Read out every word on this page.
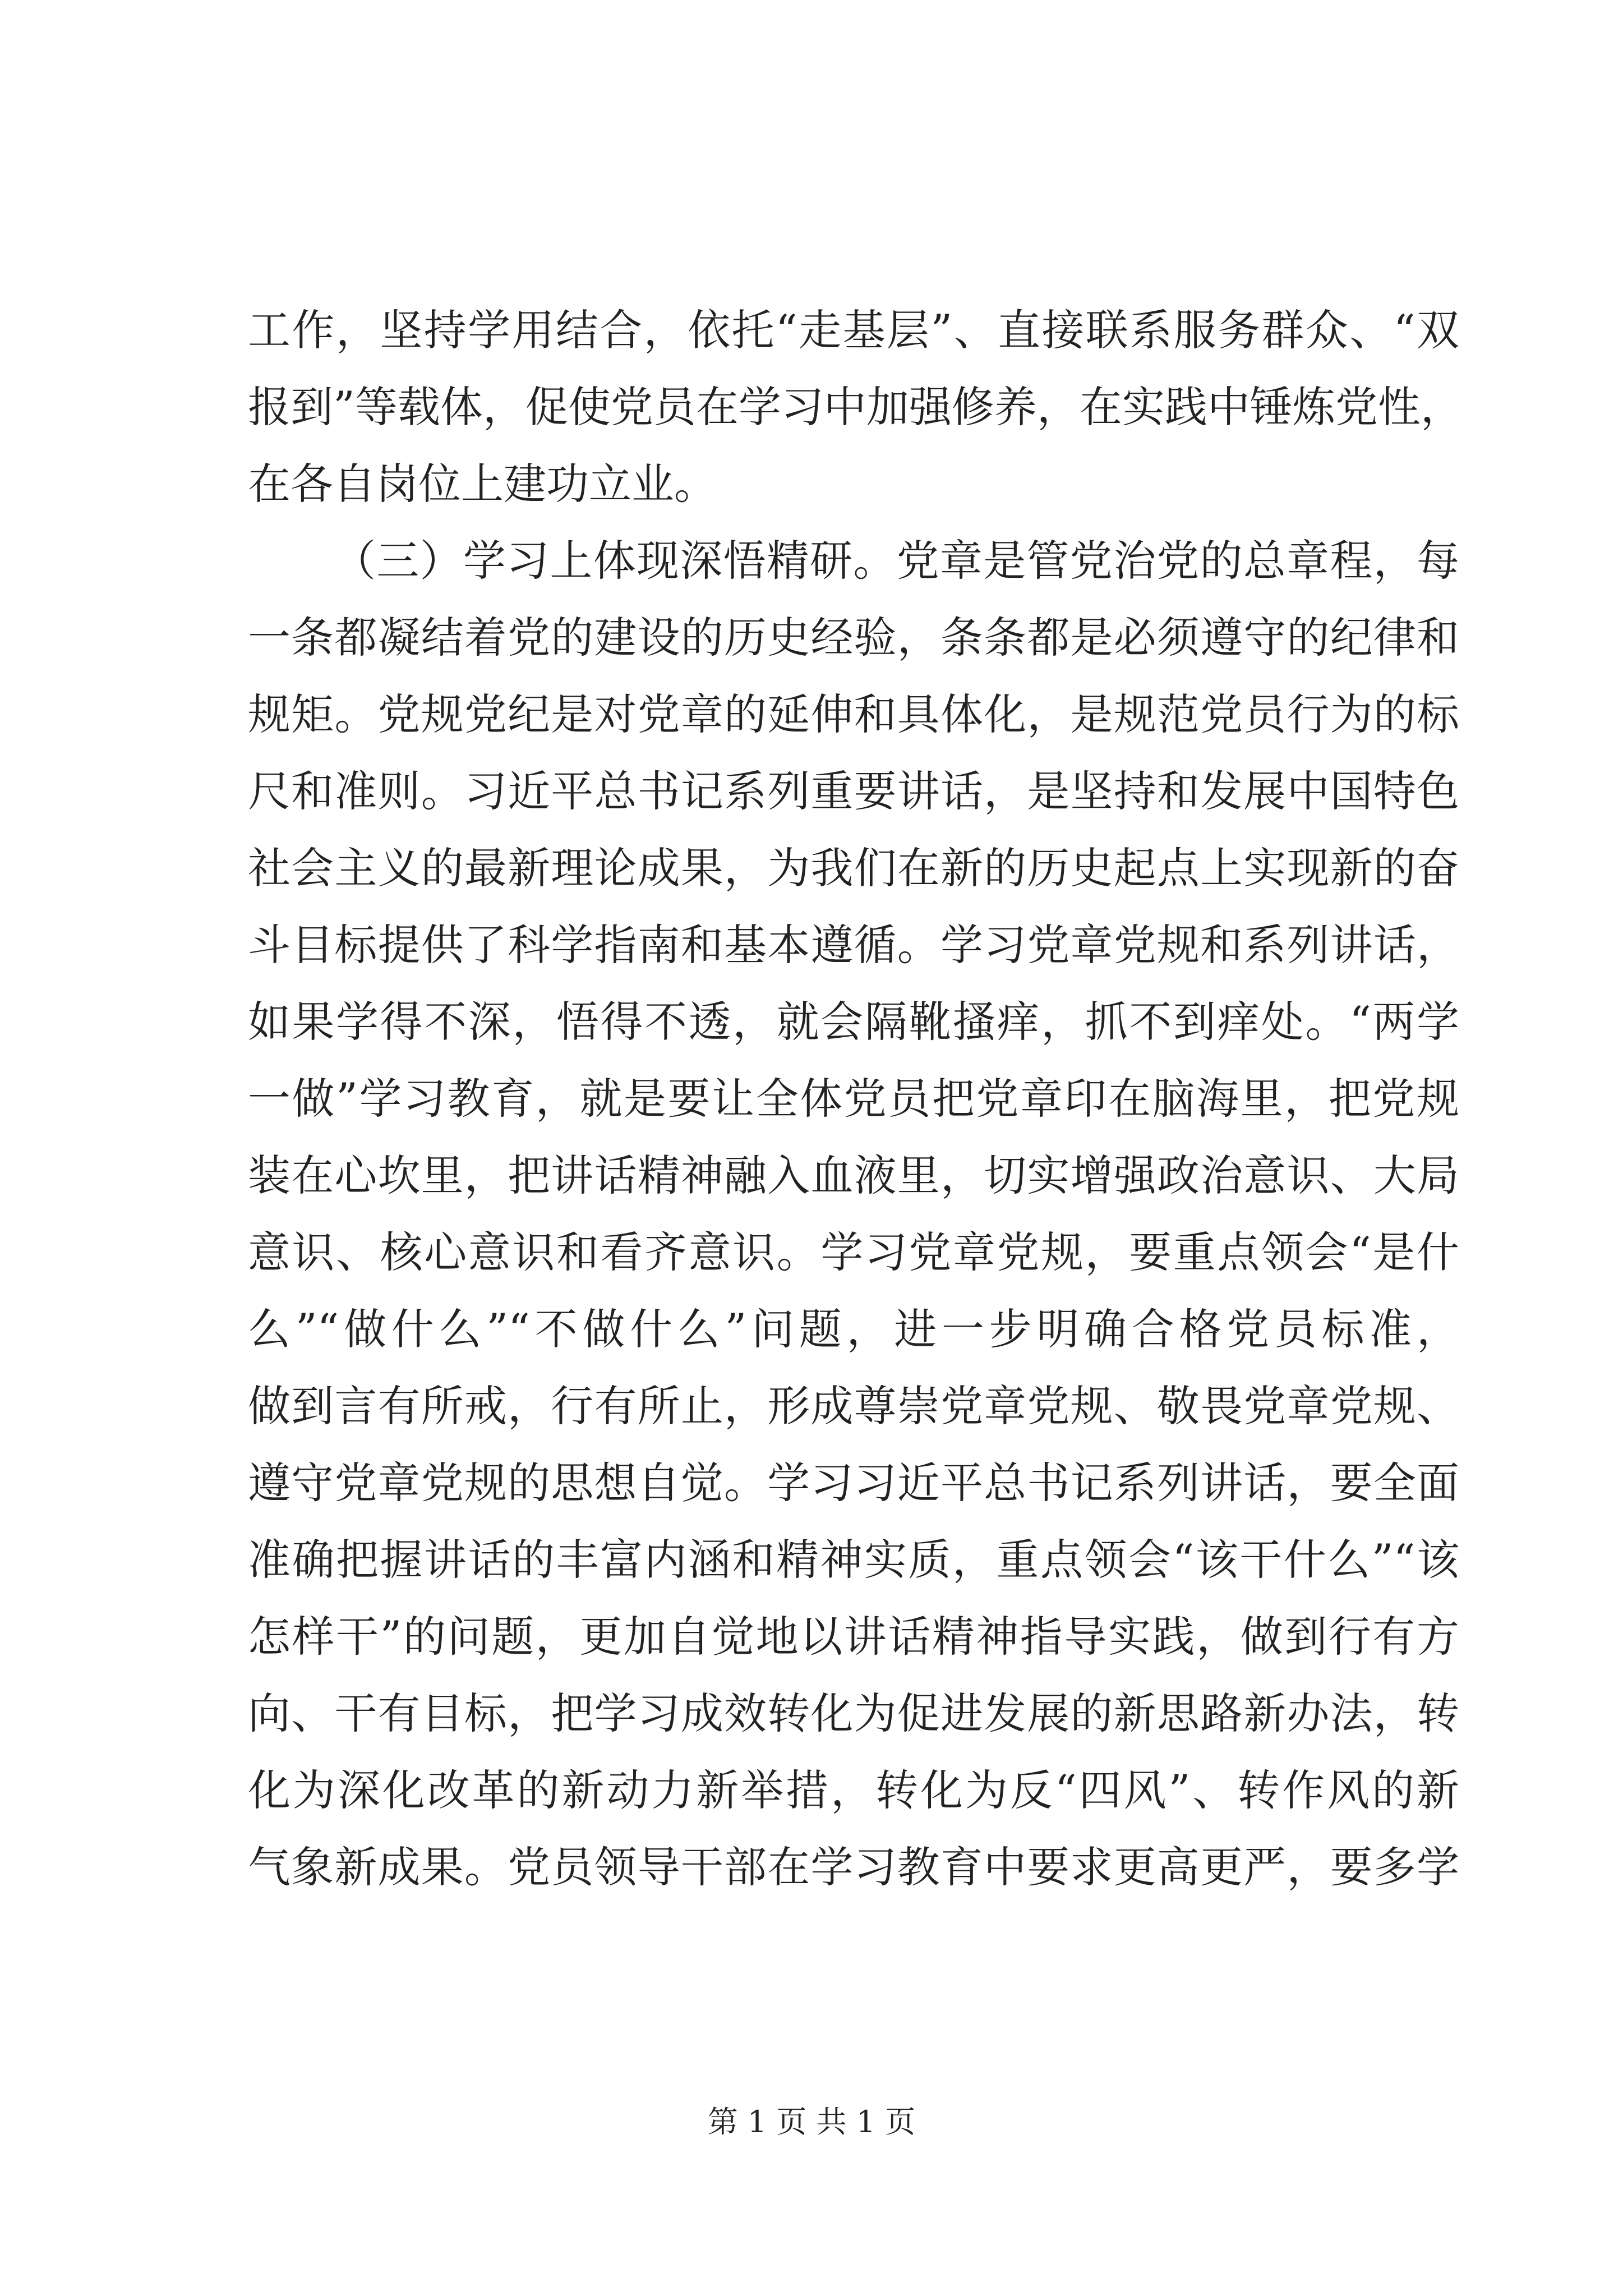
工作，坚持学用结合，依托“走基层”、直接联系服务群众、“双
报到”等载体，促使党员在学习中加强修养，在实践中锤炼党性，
在各自岗位上建功立业。
（三）学习上体现深悟精研。党章是管党治党的总章程，每
一条都凝结着党的建设的历史经验，条条都是必须遵守的纪律和
规矩。党规党纪是对党章的延伸和具体化，是规范党员行为的标
尺和准则。习近平总书记系列重要讲话，是坚持和发展中国特色
社会主义的最新理论成果，为我们在新的历史起点上实现新的奋
斗目标提供了科学指南和基本遵循。学习党章党规和系列讲话，
如果学得不深，悟得不透，就会隔靴搔痒，抓不到痒处。“两学
一做”学习教育，就是要让全体党员把党章印在脑海里，把党规
装在心坎里，把讲话精神融入血液里，切实增强政治意识、大局
意识、核心意识和看齐意识。学习党章党规，要重点领会“是什
么”“做什么”“不做什么”问题，进一步明确合格党员标准，
做到言有所戒，行有所止，形成尊崇党章党规、敬畏党章党规、
遵守党章党规的思想自觉。学习习近平总书记系列讲话，要全面
准确把握讲话的丰富内涵和精神实质，重点领会“该干什么”“该
怎样干”的问题，更加自觉地以讲话精神指导实践，做到行有方
向、干有目标，把学习成效转化为促进发展的新思路新办法，转
化为深化改革的新动力新举措，转化为反“四风”、转作风的新
气象新成果。党员领导干部在学习教育中要求更高更严，要多学
第 1 页 共 1 页
